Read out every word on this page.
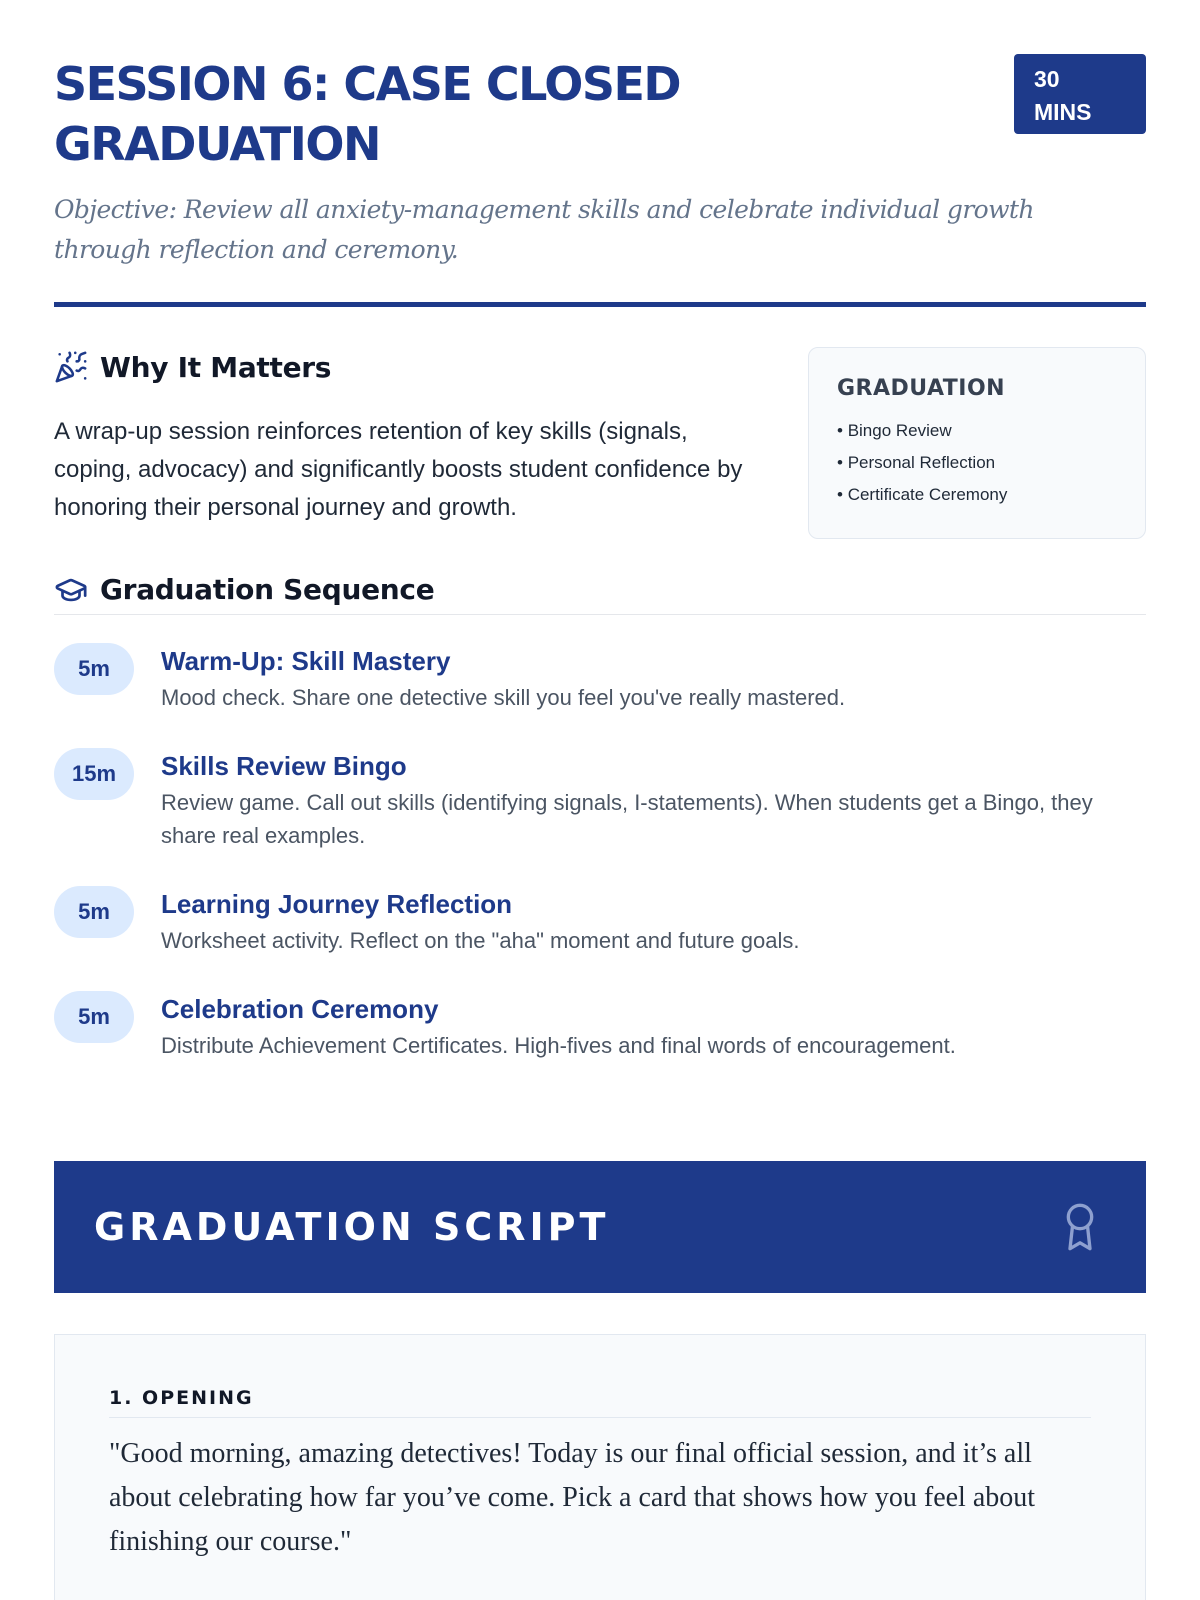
SESSION 6: CASE CLOSED
GRADUATION
30
MINS

Objective: Review all anxiety-management skills and celebrate individual growth
through reflection and ceremony.

Why It Matters

A wrap-up session reinforces retention of key skills (signals, coping, advocacy) and significantly boosts student confidence by honoring their personal journey and growth.

GRADUATION
• Bingo Review
• Personal Reflection
• Certificate Ceremony
Graduation Sequence
5m	Warm-Up: Skill Mastery
Mood check. Share one detective skill you feel you've really mastered.
15m	Skills Review Bingo
Review game. Call out skills (identifying signals, I-statements). When students get a Bingo, they share real examples.
5m	Learning Journey Reflection
Worksheet activity. Reflect on the "aha" moment and future goals.
5m	Celebration Ceremony
Distribute Achievement Certificates. High-fives and final words of encouragement.
GRADUATION SCRIPT
1. OPENING

"Good morning, amazing detectives! Today is our final official session, and it’s all about celebrating how far you’ve come. Pick a card that shows how you feel about finishing our course."
